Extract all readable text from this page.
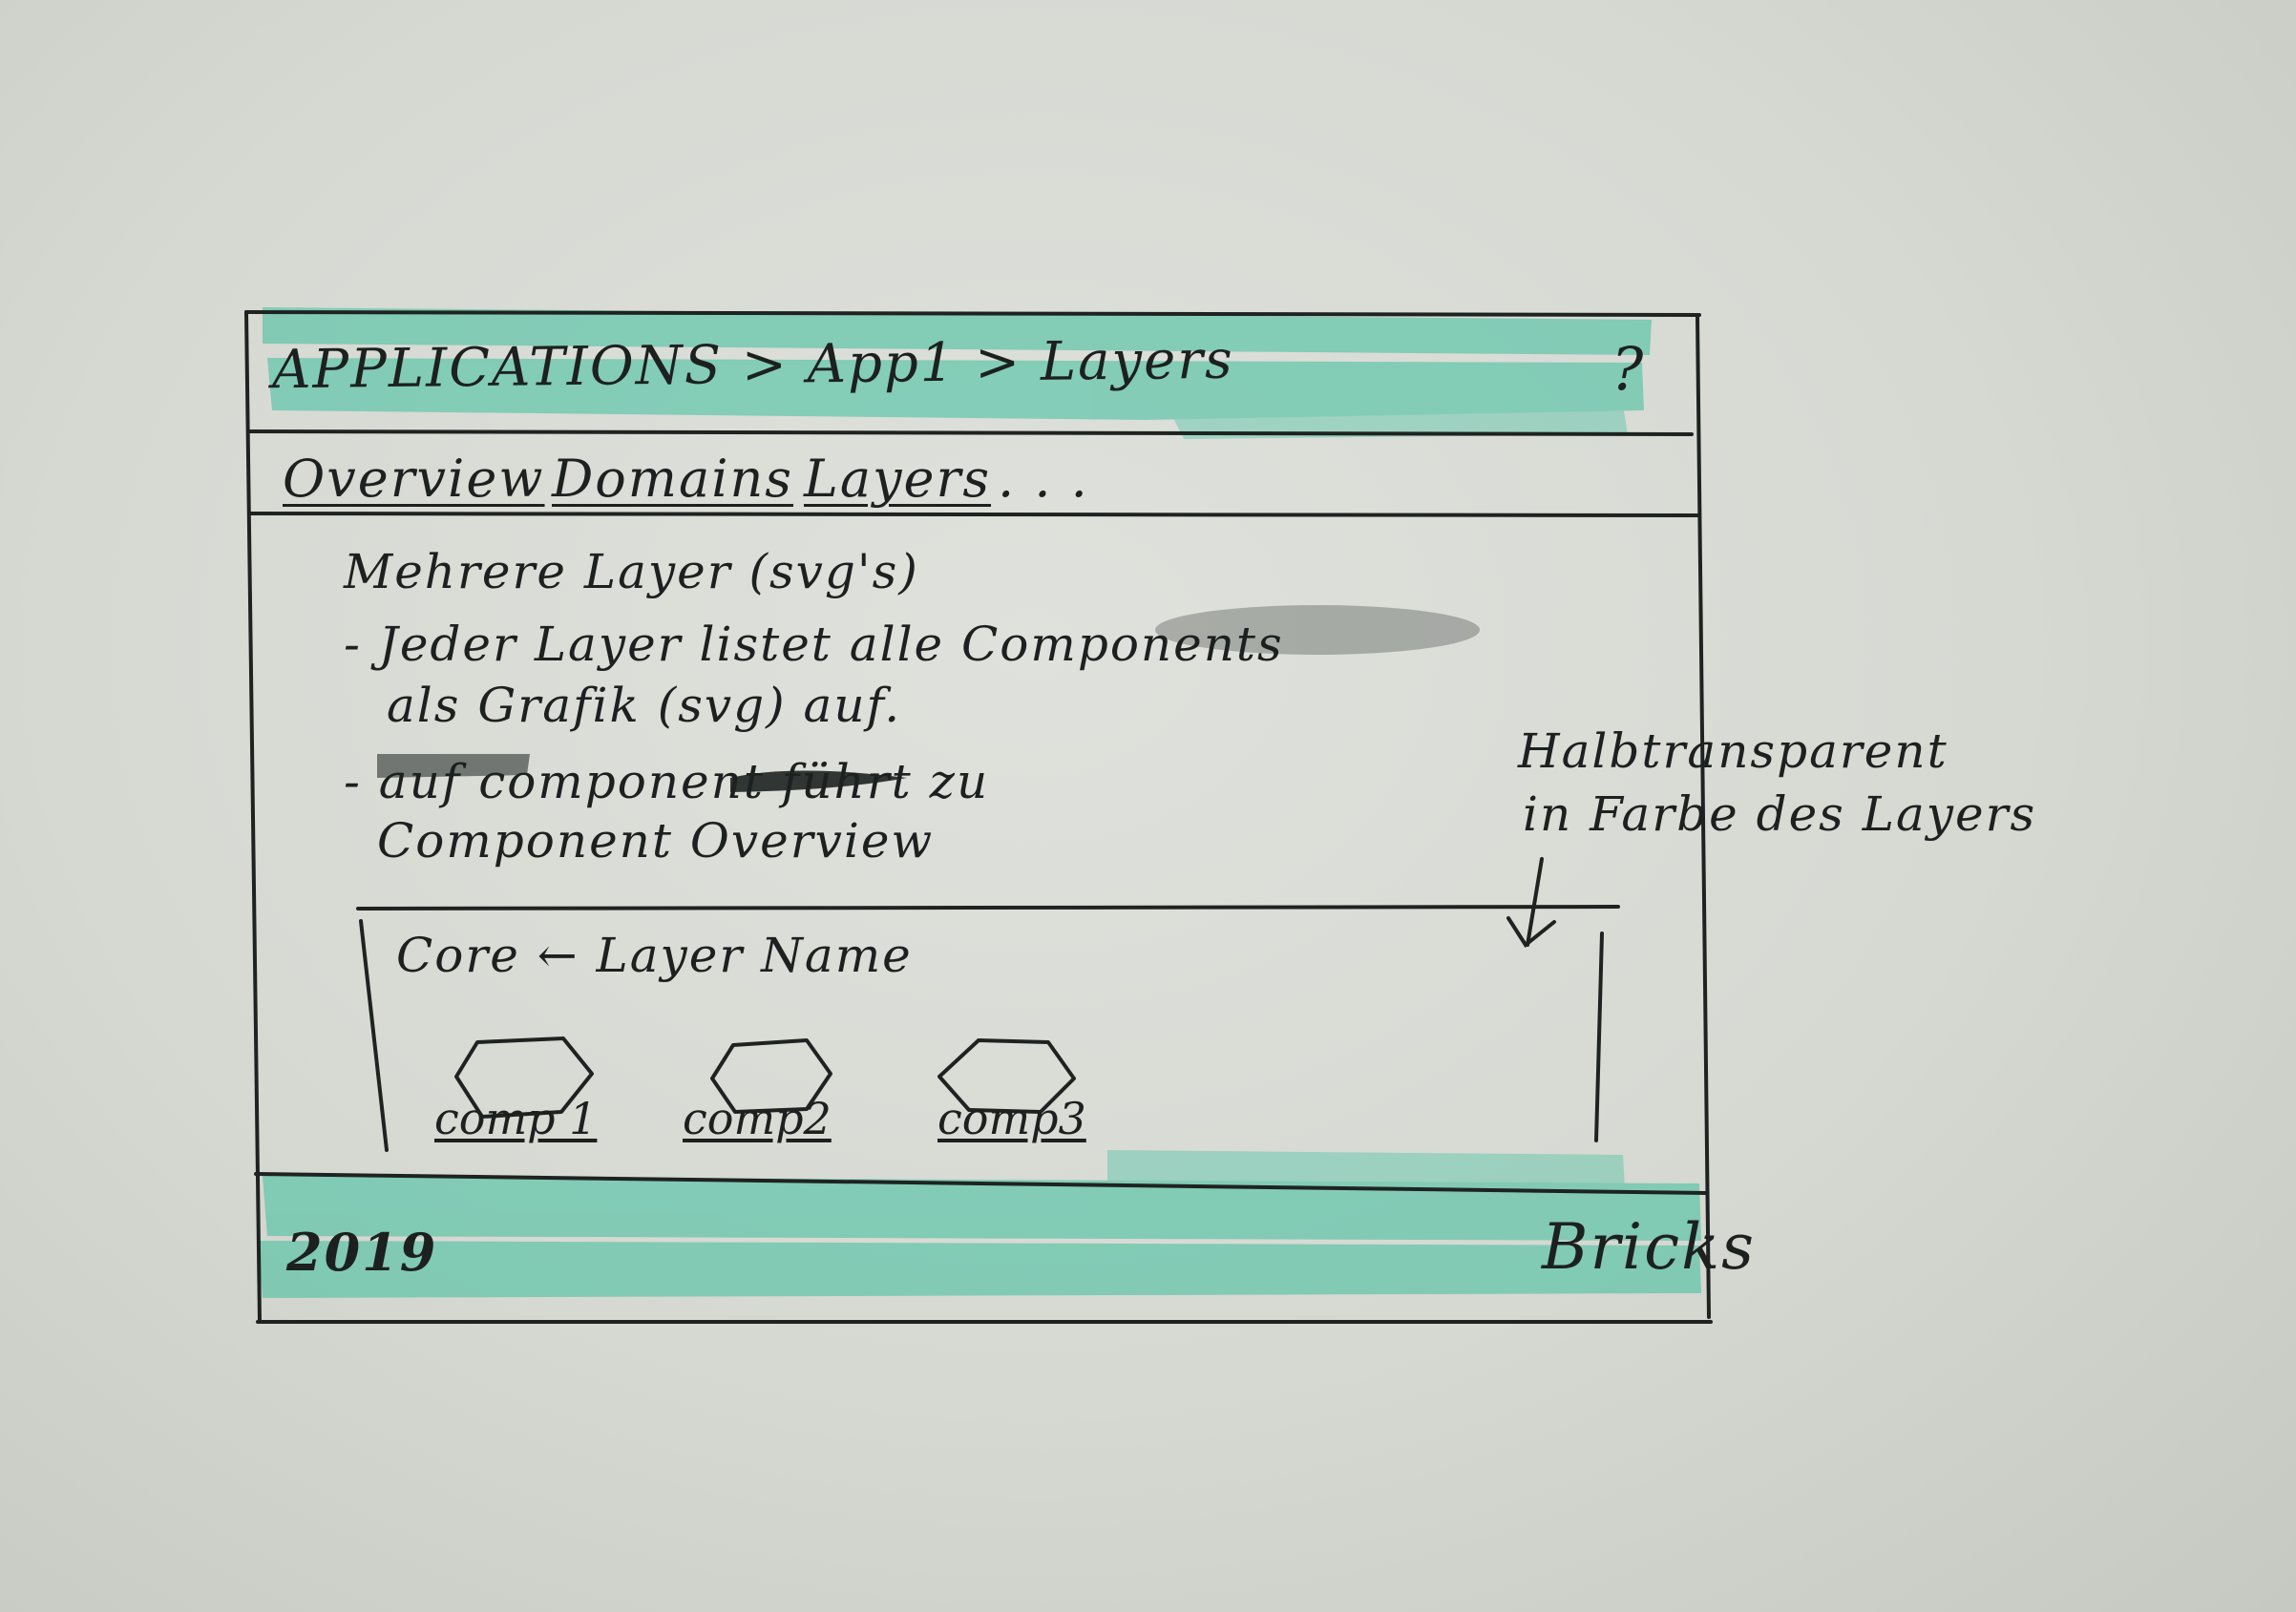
APPLICATIONS > App1 > Layers	?
Overview Domains Layers . . .
Mehrere Layer (svg's)
- Jeder Layer listet alle Components
als Grafik (svg) auf.
- auf component führt zu
Component Overview
Halbtransparent
in Farbe des Layers
Core ← Layer Name
comp 1 comp2 comp3
2019	Bricks
